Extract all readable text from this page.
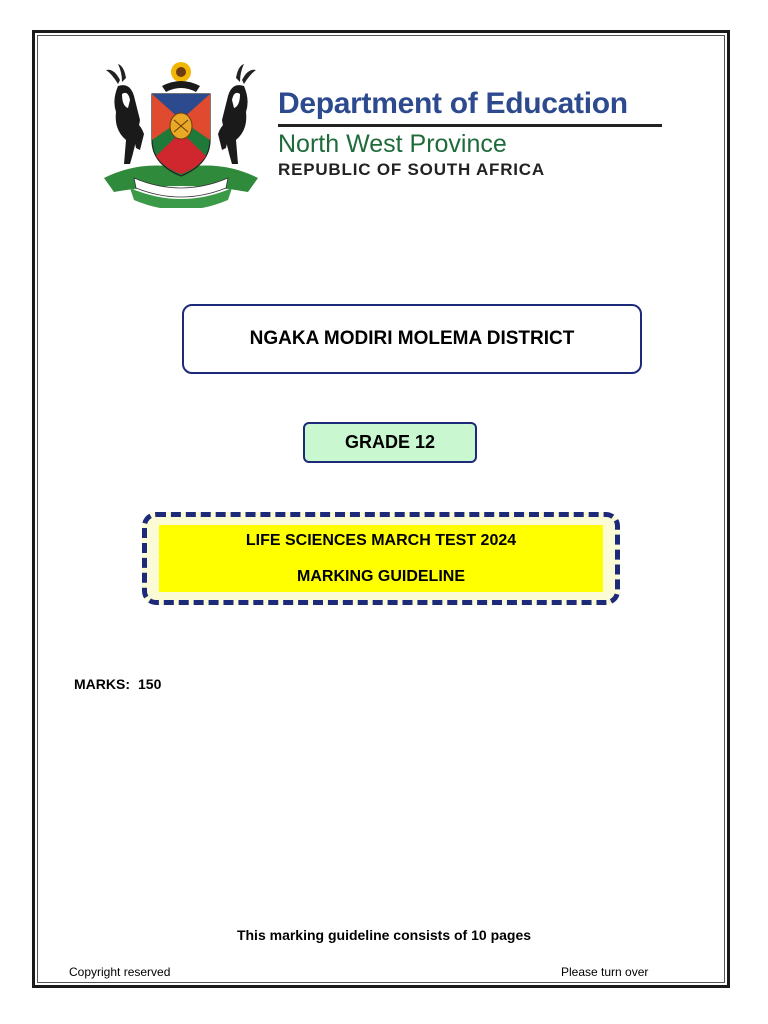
Department of Education
North West Province
REPUBLIC OF SOUTH AFRICA
NGAKA MODIRI MOLEMA DISTRICT
GRADE 12
LIFE SCIENCES MARCH TEST 2024
MARKING GUIDELINE
MARKS: 150
This marking guideline consists of 10 pages
Copyright reserved	Please turn over
